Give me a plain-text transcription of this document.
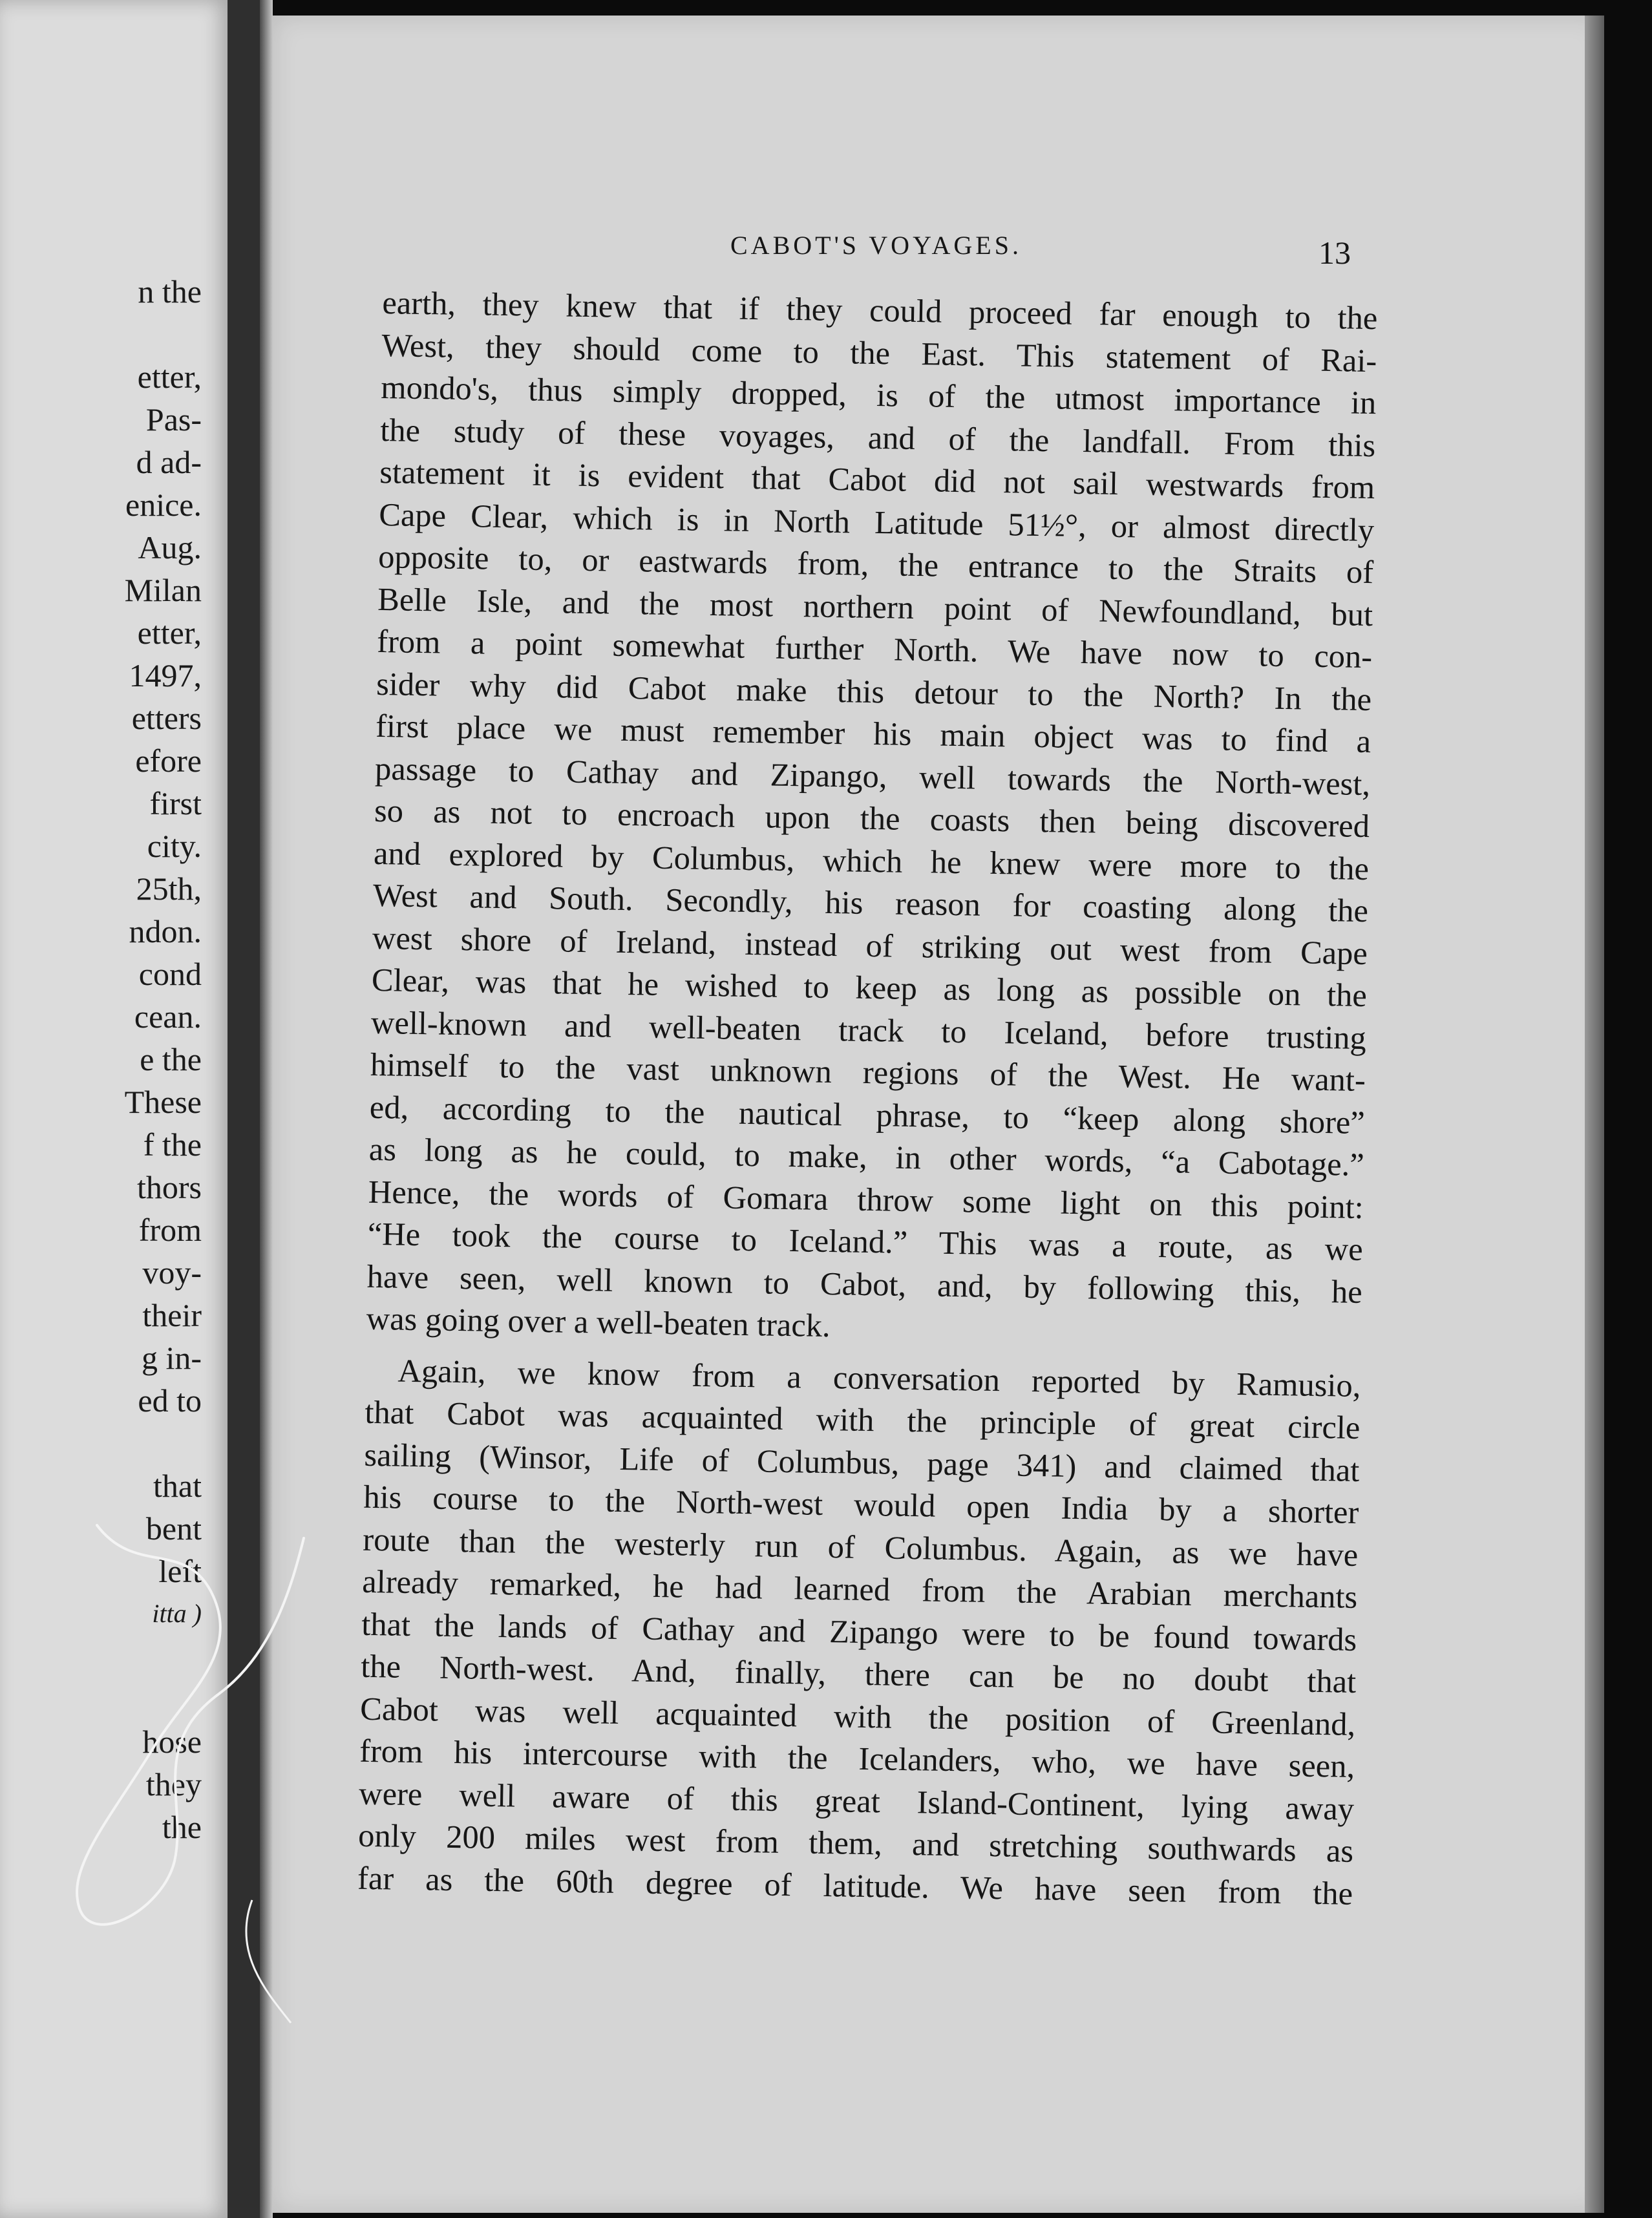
n the
etter,
Pas-
d ad-
enice.
Aug.
Milan
etter,
1497,
etters
efore
first
city.
25th,
ndon.
cond
cean.
e the
These
f the
thors
from
voy-
their
g in-
ed to
that
bent
left
itta )
hose
they
the
CABOT'S VOYAGES.	13
earth, they knew that if they could proceed far enough to the
West, they should come to the East. This statement of Rai-
mondo's, thus simply dropped, is of the utmost importance in
the study of these voyages, and of the landfall. From this
statement it is evident that Cabot did not sail westwards from
Cape Clear, which is in North Latitude 51½°, or almost directly
opposite to, or eastwards from, the entrance to the Straits of
Belle Isle, and the most northern point of Newfoundland, but
from a point somewhat further North. We have now to con-
sider why did Cabot make this detour to the North? In the
first place we must remember his main object was to find a
passage to Cathay and Zipango, well towards the North-west,
so as not to encroach upon the coasts then being discovered
and explored by Columbus, which he knew were more to the
West and South. Secondly, his reason for coasting along the
west shore of Ireland, instead of striking out west from Cape
Clear, was that he wished to keep as long as possible on the
well-known and well-beaten track to Iceland, before trusting
himself to the vast unknown regions of the West. He want-
ed, according to the nautical phrase, to “keep along shore”
as long as he could, to make, in other words, “a Cabotage.”
Hence, the words of Gomara throw some light on this point:
“He took the course to Iceland.” This was a route, as we
have seen, well known to Cabot, and, by following this, he
was going over a well-beaten track.
Again, we know from a conversation reported by Ramusio,
that Cabot was acquainted with the principle of great circle
sailing (Winsor, Life of Columbus, page 341) and claimed that
his course to the North-west would open India by a shorter
route than the westerly run of Columbus. Again, as we have
already remarked, he had learned from the Arabian merchants
that the lands of Cathay and Zipango were to be found towards
the North-west. And, finally, there can be no doubt that
Cabot was well acquainted with the position of Greenland,
from his intercourse with the Icelanders, who, we have seen,
were well aware of this great Island-Continent, lying away
only 200 miles west from them, and stretching southwards as
far as the 60th degree of latitude. We have seen from the
